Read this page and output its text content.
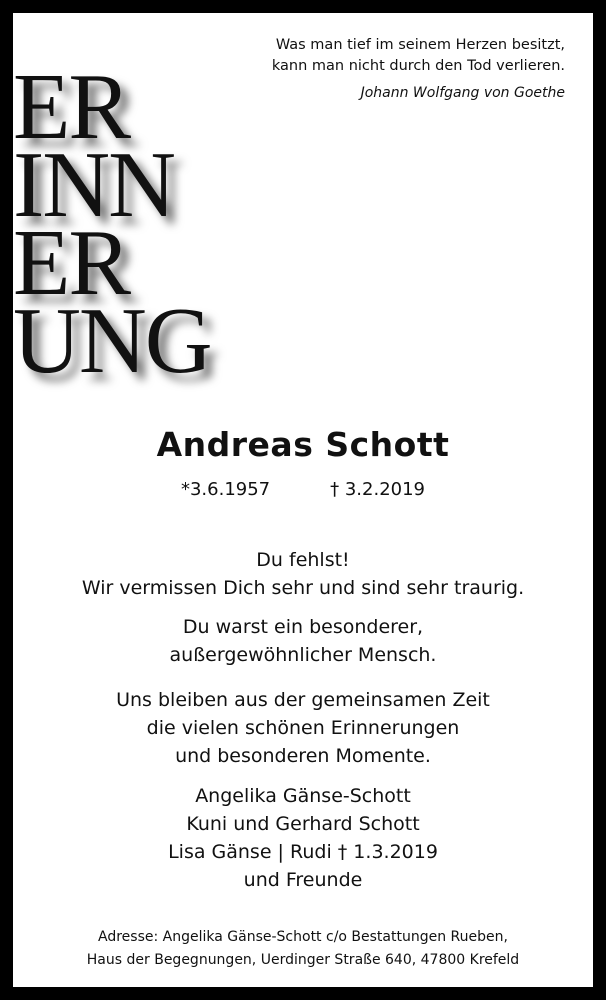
Was man tief im seinem Herzen besitzt,
kann man nicht durch den Tod verlieren.
Johann Wolfgang von Goethe
ER
INN
ER
UNG
Andreas Schott
*3.6.1957	† 3.2.2019
Du fehlst!
Wir vermissen Dich sehr und sind sehr traurig.
Du warst ein besonderer,
außergewöhnlicher Mensch.
Uns bleiben aus der gemeinsamen Zeit
die vielen schönen Erinnerungen
und besonderen Momente.
Angelika Gänse-Schott
Kuni und Gerhard Schott
Lisa Gänse | Rudi † 1.3.2019
und Freunde
Adresse: Angelika Gänse-Schott c/o Bestattungen Rueben,
Haus der Begegnungen, Uerdinger Straße 640, 47800 Krefeld
